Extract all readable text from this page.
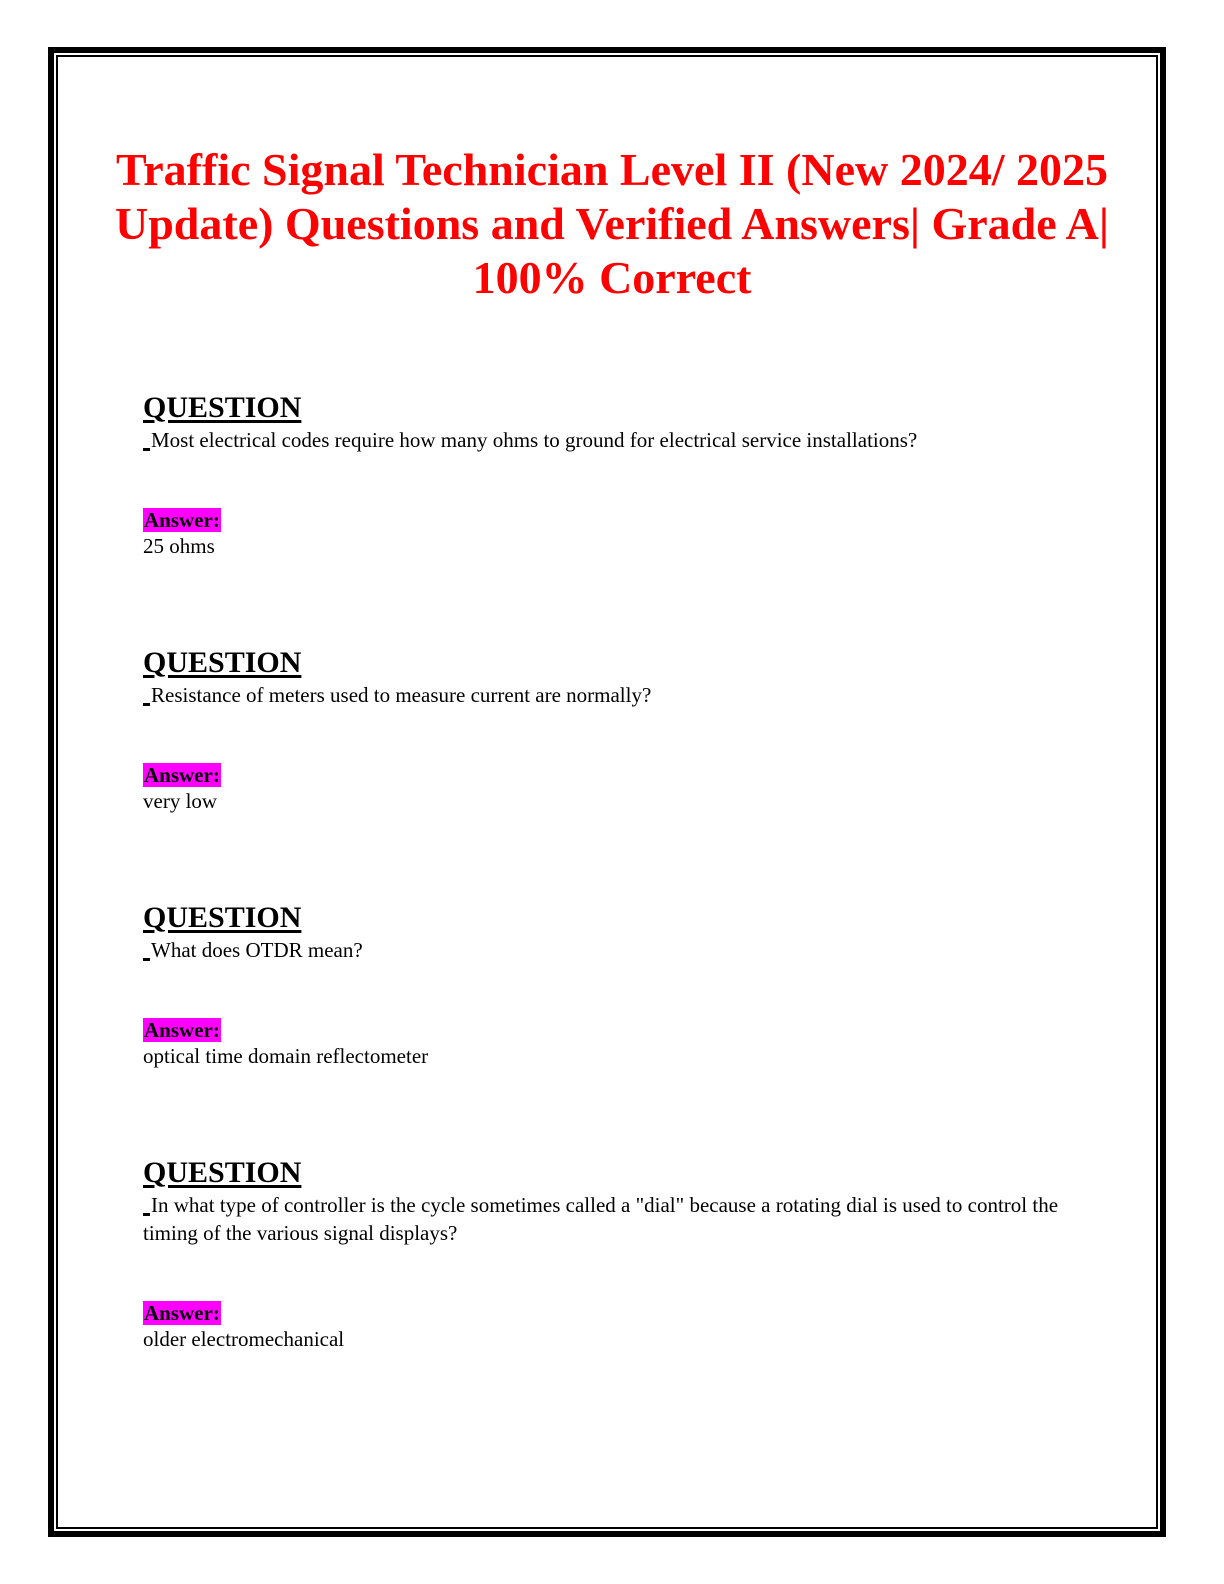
Traffic Signal Technician Level II (New 2024/ 2025 Update) Questions and Verified Answers| Grade A| 100% Correct
QUESTION
Most electrical codes require how many ohms to ground for electrical service installations?
Answer:
25 ohms
QUESTION
Resistance of meters used to measure current are normally?
Answer:
very low
QUESTION
What does OTDR mean?
Answer:
optical time domain reflectometer
QUESTION
In what type of controller is the cycle sometimes called a "dial" because a rotating dial is used to control the timing of the various signal displays?
Answer:
older electromechanical
